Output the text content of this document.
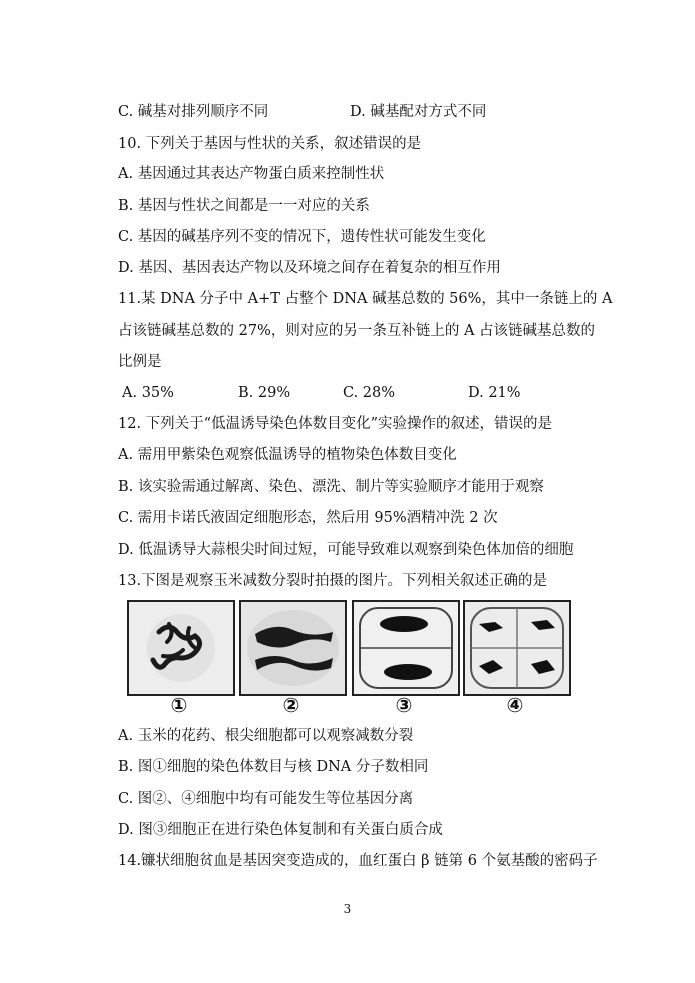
C. 碱基对排列顺序不同	D. 碱基配对方式不同
10. 下列关于基因与性状的关系，叙述错误的是
A. 基因通过其表达产物蛋白质来控制性状
B. 基因与性状之间都是一一对应的关系
C. 基因的碱基序列不变的情况下，遗传性状可能发生变化
D. 基因、基因表达产物以及环境之间存在着复杂的相互作用
11.某 DNA 分子中 A+T 占整个 DNA 碱基总数的 56%，其中一条链上的 A
占该链碱基总数的 27%，则对应的另一条互补链上的 A 占该链碱基总数的
比例是
A. 35%	B. 29%	C. 28%	D. 21%
12. 下列关于“低温诱导染色体数目变化”实验操作的叙述，错误的是
A. 需用甲紫染色观察低温诱导的植物染色体数目变化
B. 该实验需通过解离、染色、漂洗、制片等实验顺序才能用于观察
C. 需用卡诺氏液固定细胞形态，然后用 95%酒精冲洗 2 次
D. 低温诱导大蒜根尖时间过短，可能导致难以观察到染色体加倍的细胞
13.下图是观察玉米减数分裂时拍摄的图片。下列相关叙述正确的是
①	②	③	④
A. 玉米的花药、根尖细胞都可以观察减数分裂
B. 图①细胞的染色体数目与核 DNA 分子数相同
C. 图②、④细胞中均有可能发生等位基因分离
D. 图③细胞正在进行染色体复制和有关蛋白质合成
14.镰状细胞贫血是基因突变造成的，血红蛋白 β 链第 6 个氨基酸的密码子
3
